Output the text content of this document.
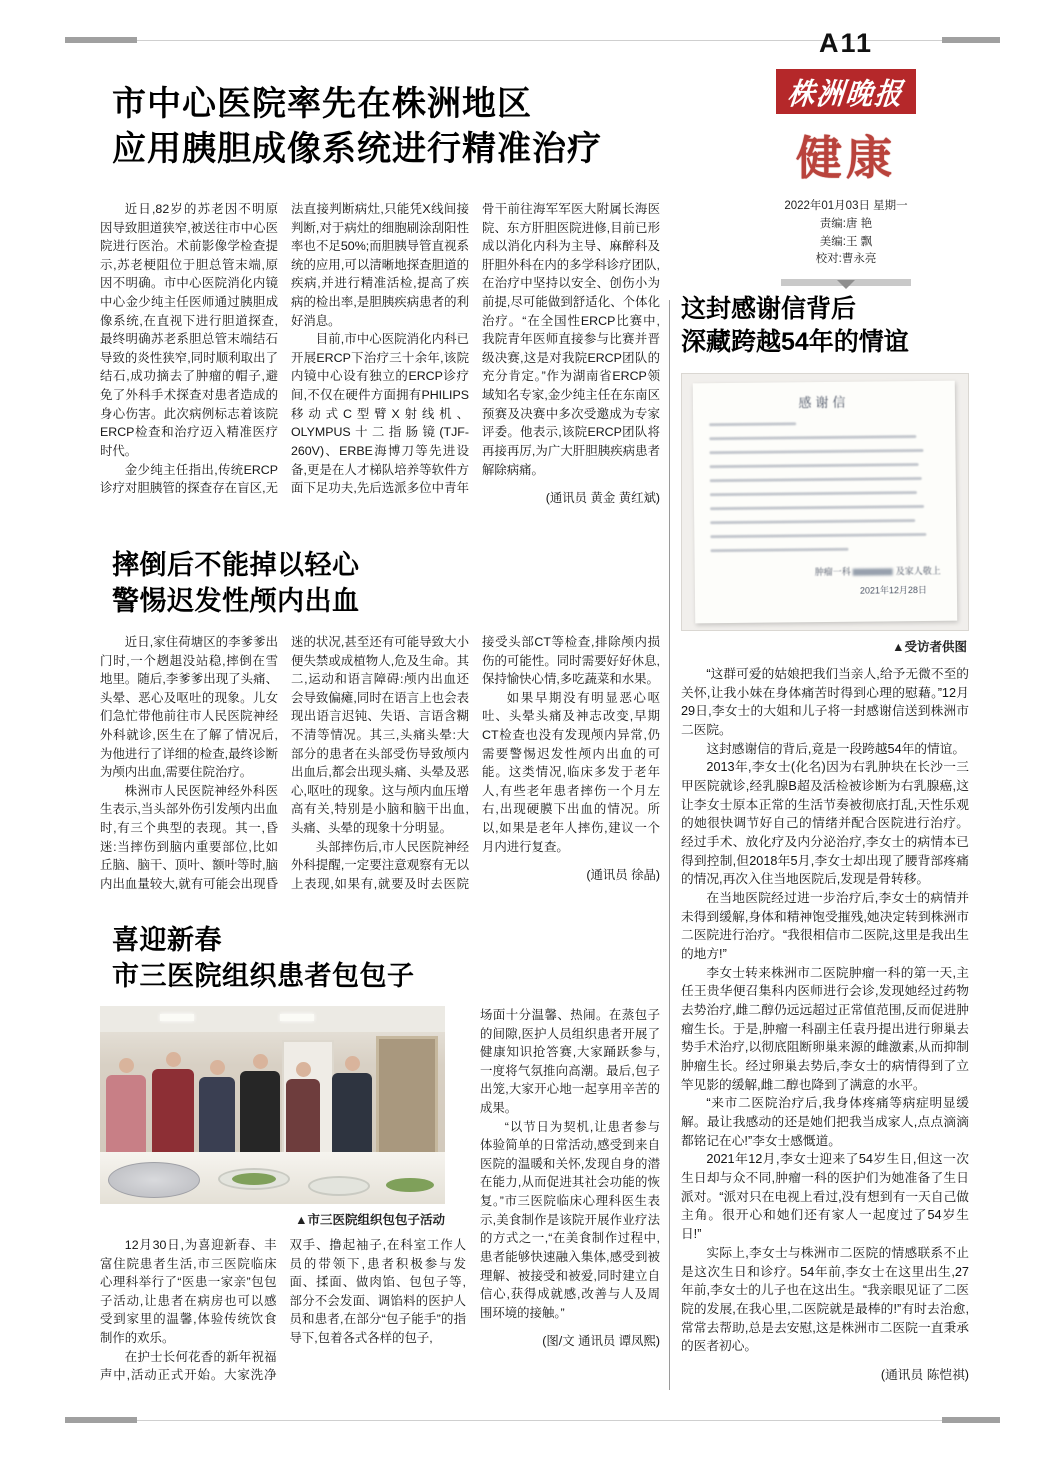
A11
株洲晚报
健康
2022年01月03日 星期一
责编:唐 艳
美编:王 飘
校对:曹永亮
市中心医院率先在株洲地区
应用胰胆成像系统进行精准治疗

近日,82岁的苏老因不明原因导致胆道狭窄,被送往市中心医院进行医治。术前影像学检查提示,苏老梗阻位于胆总管末端,原因不明确。市中心医院消化内镜中心金少纯主任医师通过胰胆成像系统,在直视下进行胆道探查,最终明确苏老系胆总管末端结石导致的炎性狭窄,同时顺利取出了结石,成功摘去了肿瘤的帽子,避免了外科手术探查对患者造成的身心伤害。此次病例标志着该院ERCP检查和治疗迈入精准医疗时代。

金少纯主任指出,传统ERCP诊疗对胆胰管的探查存在盲区,无法直接判断病灶,只能凭X线间接判断,对于病灶的细胞刷涂刮阳性率也不足50%;而胆胰导管直视系统的应用,可以清晰地探查胆道的疾病,并进行精准活检,提高了疾病的检出率,是胆胰疾病患者的利好消息。

目前,市中心医院消化内科已开展ERCP下治疗三十余年,该院内镜中心设有独立的ERCP诊疗间,不仅在硬件方面拥有PHILIPS移动式C型臂X射线机、OLYMPUS十二指肠镜(TJF-260V)、ERBE海博刀等先进设备,更是在人才梯队培养等软件方面下足功夫,先后选派多位中青年骨干前往海军军医大附属长海医院、东方肝胆医院进修,目前已形成以消化内科为主导、麻醉科及肝胆外科在内的多学科诊疗团队,在治疗中坚持以安全、创伤小为前提,尽可能做到舒适化、个体化治疗。“在全国性ERCP比赛中,我院青年医师直接参与比赛并晋级决赛,这是对我院ERCP团队的充分肯定。”作为湖南省ERCP领域知名专家,金少纯主任在东南区预赛及决赛中多次受邀成为专家评委。他表示,该院ERCP团队将再接再厉,为广大肝胆胰疾病患者解除病痛。

(通讯员 黄金 黄红斌)

摔倒后不能掉以轻心
警惕迟发性颅内出血

近日,家住荷塘区的李爹爹出门时,一个趔趄没站稳,摔倒在雪地里。随后,李爹爹出现了头痛、头晕、恶心及呕吐的现象。儿女们急忙带他前往市人民医院神经外科就诊,医生在了解了情况后,为他进行了详细的检查,最终诊断为颅内出血,需要住院治疗。

株洲市人民医院神经外科医生表示,当头部外伤引发颅内出血时,有三个典型的表现。其一,昏迷:当摔伤到脑内重要部位,比如丘脑、脑干、顶叶、额叶等时,脑内出血量较大,就有可能会出现昏迷的状况,甚至还有可能导致大小便失禁或成植物人,危及生命。其二,运动和语言障碍:颅内出血还会导致偏瘫,同时在语言上也会表现出语言迟钝、失语、言语含糊不清等情况。其三,头痛头晕:大部分的患者在头部受伤导致颅内出血后,都会出现头痛、头晕及恶心,呕吐的现象。这与颅内血压增高有关,特别是小脑和脑干出血,头痛、头晕的现象十分明显。

头部摔伤后,市人民医院神经外科提醒,一定要注意观察有无以上表现,如果有,就要及时去医院接受头部CT等检查,排除颅内损伤的可能性。同时需要好好休息,保持愉快心情,多吃蔬菜和水果。

如果早期没有明显恶心呕吐、头晕头痛及神志改变,早期CT检查也没有发现颅内异常,仍需要警惕迟发性颅内出血的可能。这类情况,临床多发于老年人,有些老年患者摔伤一个月左右,出现硬膜下出血的情况。所以,如果是老年人摔伤,建议一个月内进行复查。

(通讯员 徐晶)

喜迎新春
市三医院组织患者包包子
▲市三医院组织包包子活动

12月30日,为喜迎新春、丰富住院患者生活,市三医院临床心理科举行了“医患一家亲”包包子活动,让患者在病房也可以感受到家里的温馨,体验传统饮食制作的欢乐。

在护士长何花香的新年祝福声中,活动正式开始。大家洗净双手、撸起袖子,在科室工作人员的带领下,患者积极参与发面、揉面、做肉馅、包包子等,部分不会发面、调馅料的医护人员和患者,在部分“包子能手”的指导下,包着各式各样的包子,

场面十分温馨、热闹。在蒸包子的间隙,医护人员组织患者开展了健康知识抢答赛,大家踊跃参与,一度将气氛推向高潮。最后,包子出笼,大家开心地一起享用辛苦的成果。

“以节日为契机,让患者参与体验简单的日常活动,感受到来自医院的温暖和关怀,发现自身的潜在能力,从而促进其社会功能的恢复。”市三医院临床心理科医生表示,美食制作是该院开展作业疗法的方式之一,“在美食制作过程中,患者能够快速融入集体,感受到被理解、被接受和被爱,同时建立自信心,获得成就感,改善与人及周围环境的接触。”

(图/文 通讯员 谭凤熙)

这封感谢信背后
深藏跨越54年的情谊
感谢信
肿瘤一科	及家人敬上
2021年12月28日
▲受访者供图

“这群可爱的姑娘把我们当亲人,给予无微不至的关怀,让我小妹在身体痛苦时得到心理的慰藉。”12月29日,李女士的大姐和儿子将一封感谢信送到株洲市二医院。

这封感谢信的背后,竟是一段跨越54年的情谊。

2013年,李女士(化名)因为右乳肿块在长沙一三甲医院就诊,经乳腺B超及活检被诊断为右乳腺癌,这让李女士原本正常的生活节奏被彻底打乱,天性乐观的她很快调节好自己的情绪并配合医院进行治疗。经过手术、放化疗及内分泌治疗,李女士的病情本已得到控制,但2018年5月,李女士却出现了腰背部疼痛的情况,再次入住当地医院后,发现是骨转移。

在当地医院经过进一步治疗后,李女士的病情并未得到缓解,身体和精神饱受摧残,她决定转到株洲市二医院进行治疗。“我很相信市二医院,这里是我出生的地方!”

李女士转来株洲市二医院肿瘤一科的第一天,主任王贵华便召集科内医师进行会诊,发现她经过药物去势治疗,雌二醇仍远远超过正常值范围,反而促进肿瘤生长。于是,肿瘤一科副主任袁丹提出进行卵巢去势手术治疗,以彻底阻断卵巢来源的雌激素,从而抑制肿瘤生长。经过卵巢去势后,李女士的病情得到了立竿见影的缓解,雌二醇也降到了满意的水平。

“来市二医院治疗后,我身体疼痛等病症明显缓解。最让我感动的还是她们把我当成家人,点点滴滴都铭记在心!”李女士感慨道。

2021年12月,李女士迎来了54岁生日,但这一次生日却与众不同,肿瘤一科的医护们为她准备了生日派对。“派对只在电视上看过,没有想到有一天自己做主角。很开心和她们还有家人一起度过了54岁生日!”

实际上,李女士与株洲市二医院的情感联系不止是这次生日和诊疗。54年前,李女士在这里出生,27年前,李女士的儿子也在这出生。“我亲眼见证了二医院的发展,在我心里,二医院就是最棒的!”有时去治愈,常常去帮助,总是去安慰,这是株洲市二医院一直秉承的医者初心。

(通讯员 陈恺祺)
